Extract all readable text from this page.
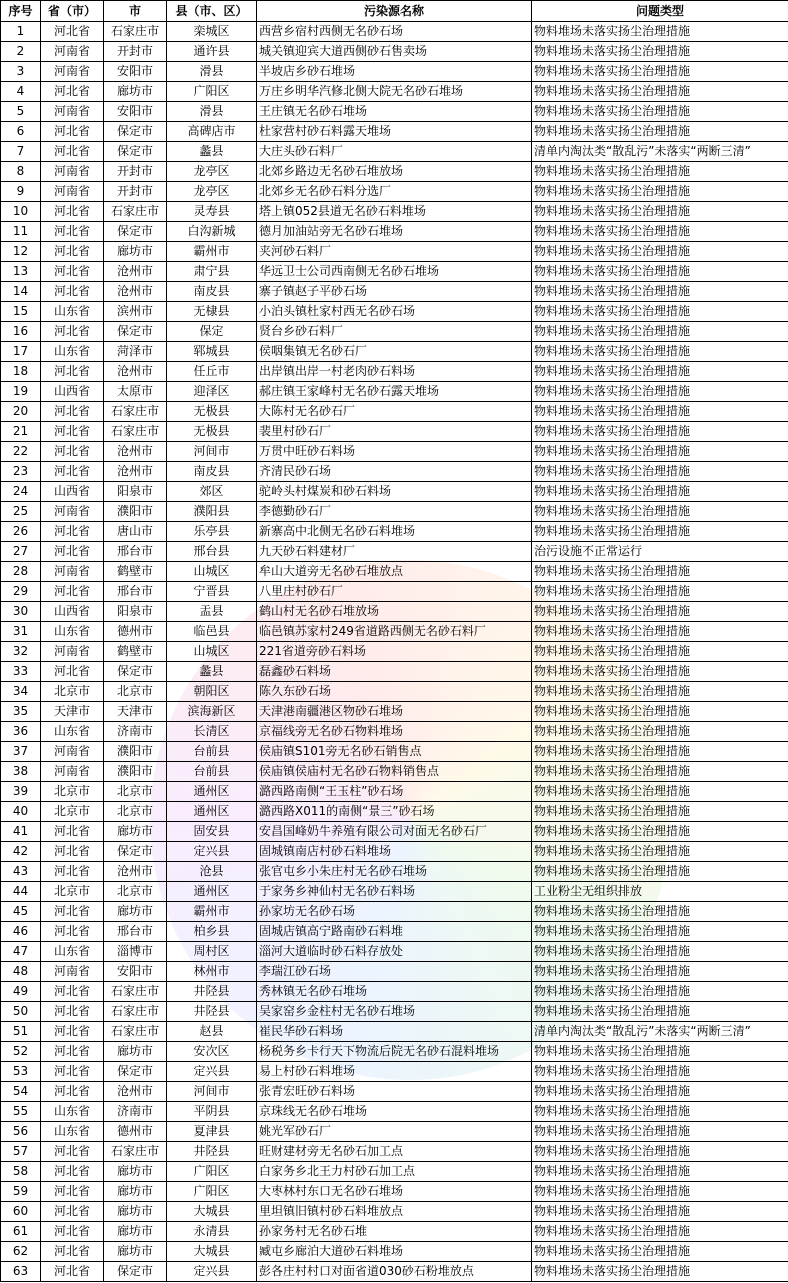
序号	省（市）	市	县（市、区）	污染源名称	问题类型
1	河北省	石家庄市	栾城区	西营乡宿村西侧无名砂石场	物料堆场未落实扬尘治理措施
2	河南省	开封市	通许县	城关镇迎宾大道西侧砂石售卖场	物料堆场未落实扬尘治理措施
3	河南省	安阳市	滑县	半坡店乡砂石堆场	物料堆场未落实扬尘治理措施
4	河北省	廊坊市	广阳区	万庄乡明华汽修北侧大院无名砂石堆场	物料堆场未落实扬尘治理措施
5	河南省	安阳市	滑县	王庄镇无名砂石堆场	物料堆场未落实扬尘治理措施
6	河北省	保定市	高碑店市	杜家营村砂石料露天堆场	物料堆场未落实扬尘治理措施
7	河北省	保定市	蠡县	大庄头砂石料厂	清单内淘汰类“散乱污”未落实“两断三清”
8	河南省	开封市	龙亭区	北郊乡路边无名砂石堆放场	物料堆场未落实扬尘治理措施
9	河南省	开封市	龙亭区	北郊乡无名砂石料分选厂	物料堆场未落实扬尘治理措施
10	河北省	石家庄市	灵寿县	塔上镇052县道无名砂石料堆场	物料堆场未落实扬尘治理措施
11	河北省	保定市	白沟新城	德月加油站旁无名砂石堆场	物料堆场未落实扬尘治理措施
12	河北省	廊坊市	霸州市	夹河砂石料厂	物料堆场未落实扬尘治理措施
13	河北省	沧州市	肃宁县	华远卫士公司西南侧无名砂石堆场	物料堆场未落实扬尘治理措施
14	河北省	沧州市	南皮县	寨子镇赵子平砂石场	物料堆场未落实扬尘治理措施
15	山东省	滨州市	无棣县	小泊头镇杜家村西无名砂石场	物料堆场未落实扬尘治理措施
16	河北省	保定市	保定	贤台乡砂石料厂	物料堆场未落实扬尘治理措施
17	山东省	菏泽市	郓城县	侯咽集镇无名砂石厂	物料堆场未落实扬尘治理措施
18	河北省	沧州市	任丘市	出岸镇出岸一村老肉砂石料场	物料堆场未落实扬尘治理措施
19	山西省	太原市	迎泽区	郝庄镇王家峰村无名砂石露天堆场	物料堆场未落实扬尘治理措施
20	河北省	石家庄市	无极县	大陈村无名砂石厂	物料堆场未落实扬尘治理措施
21	河北省	石家庄市	无极县	裴里村砂石厂	物料堆场未落实扬尘治理措施
22	河北省	沧州市	河间市	万贯中旺砂石料场	物料堆场未落实扬尘治理措施
23	河北省	沧州市	南皮县	齐清民砂石场	物料堆场未落实扬尘治理措施
24	山西省	阳泉市	郊区	驼岭头村煤炭和砂石料场	物料堆场未落实扬尘治理措施
25	河南省	濮阳市	濮阳县	李德勤砂石厂	物料堆场未落实扬尘治理措施
26	河北省	唐山市	乐亭县	新寨高中北侧无名砂石料堆场	物料堆场未落实扬尘治理措施
27	河北省	邢台市	邢台县	九天砂石料建材厂	治污设施不正常运行
28	河南省	鹤壁市	山城区	牟山大道旁无名砂石堆放点	物料堆场未落实扬尘治理措施
29	河北省	邢台市	宁晋县	八里庄村砂石厂	物料堆场未落实扬尘治理措施
30	山西省	阳泉市	盂县	鹤山村无名砂石堆放场	物料堆场未落实扬尘治理措施
31	山东省	德州市	临邑县	临邑镇苏家村249省道路西侧无名砂石料厂	物料堆场未落实扬尘治理措施
32	河南省	鹤壁市	山城区	221省道旁砂石料场	物料堆场未落实扬尘治理措施
33	河北省	保定市	蠡县	磊鑫砂石料场	物料堆场未落实扬尘治理措施
34	北京市	北京市	朝阳区	陈久东砂石场	物料堆场未落实扬尘治理措施
35	天津市	天津市	滨海新区	天津港南疆港区物砂石堆场	物料堆场未落实扬尘治理措施
36	山东省	济南市	长清区	京福线旁无名砂石物料堆场	物料堆场未落实扬尘治理措施
37	河南省	濮阳市	台前县	侯庙镇S101旁无名砂石销售点	物料堆场未落实扬尘治理措施
38	河南省	濮阳市	台前县	侯庙镇侯庙村无名砂石物料销售点	物料堆场未落实扬尘治理措施
39	北京市	北京市	通州区	潞西路南侧“王玉柱”砂石场	物料堆场未落实扬尘治理措施
40	北京市	北京市	通州区	潞西路X011的南侧“景三”砂石场	物料堆场未落实扬尘治理措施
41	河北省	廊坊市	固安县	安昌国峰奶牛养殖有限公司对面无名砂石厂	物料堆场未落实扬尘治理措施
42	河北省	保定市	定兴县	固城镇南店村砂石料堆场	物料堆场未落实扬尘治理措施
43	河北省	沧州市	沧县	张官屯乡小朱庄村无名砂石堆场	物料堆场未落实扬尘治理措施
44	北京市	北京市	通州区	于家务乡神仙村无名砂石料场	工业粉尘无组织排放
45	河北省	廊坊市	霸州市	孙家坊无名砂石场	物料堆场未落实扬尘治理措施
46	河北省	邢台市	柏乡县	固城店镇高宁路南砂石料堆	物料堆场未落实扬尘治理措施
47	山东省	淄博市	周村区	淄河大道临时砂石料存放处	物料堆场未落实扬尘治理措施
48	河南省	安阳市	林州市	李瑞江砂石场	物料堆场未落实扬尘治理措施
49	河北省	石家庄市	井陉县	秀林镇无名砂石堆场	物料堆场未落实扬尘治理措施
50	河北省	石家庄市	井陉县	吴家窑乡金柱村无名砂石堆场	物料堆场未落实扬尘治理措施
51	河北省	石家庄市	赵县	崔民华砂石料场	清单内淘汰类“散乱污”未落实“两断三清”
52	河北省	廊坊市	安次区	杨税务乡卡行天下物流后院无名砂石混料堆场	物料堆场未落实扬尘治理措施
53	河北省	保定市	定兴县	易上村砂石料堆场	物料堆场未落实扬尘治理措施
54	河北省	沧州市	河间市	张青宏旺砂石料场	物料堆场未落实扬尘治理措施
55	山东省	济南市	平阴县	京珠线无名砂石堆场	物料堆场未落实扬尘治理措施
56	山东省	德州市	夏津县	姚光军砂石厂	物料堆场未落实扬尘治理措施
57	河北省	石家庄市	井陉县	旺财建材旁无名砂石加工点	物料堆场未落实扬尘治理措施
58	河北省	廊坊市	广阳区	白家务乡北王力村砂石加工点	物料堆场未落实扬尘治理措施
59	河北省	廊坊市	广阳区	大枣林村东口无名砂石堆场	物料堆场未落实扬尘治理措施
60	河北省	廊坊市	大城县	里坦镇旧镇村砂石料堆放点	物料堆场未落实扬尘治理措施
61	河北省	廊坊市	永清县	孙家务村无名砂石堆	物料堆场未落实扬尘治理措施
62	河北省	廊坊市	大城县	臧屯乡廊泊大道砂石料堆场	物料堆场未落实扬尘治理措施
63	河北省	保定市	定兴县	彭各庄村村口对面省道030砂石粉堆放点	物料堆场未落实扬尘治理措施
